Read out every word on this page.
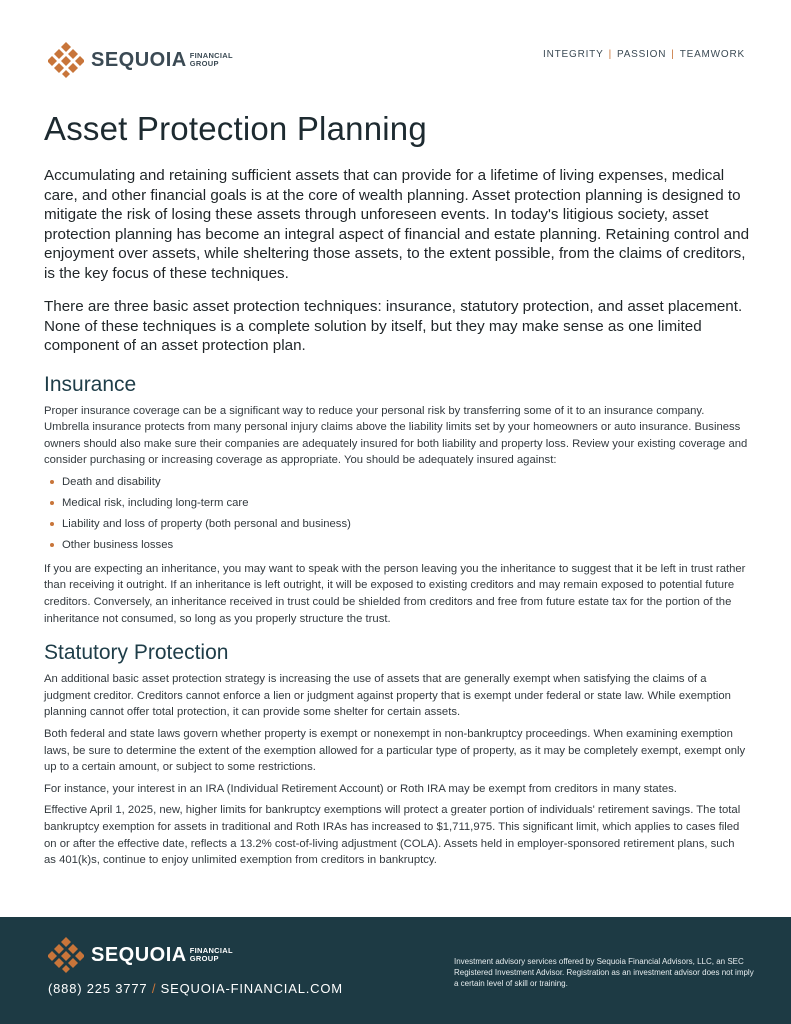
SEQUOIA FINANCIAL
GROUP
INTEGRITY | PASSION | TEAMWORK
Asset Protection Planning

Accumulating and retaining sufficient assets that can provide for a lifetime of living expenses, medical care, and other financial goals is at the core of wealth planning. Asset protection planning is designed to mitigate the risk of losing these assets through unforeseen events. In today's litigious society, asset protection planning has become an integral aspect of financial and estate planning. Retaining control and enjoyment over assets, while sheltering those assets, to the extent possible, from the claims of creditors, is the key focus of these techniques.

There are three basic asset protection techniques: insurance, statutory protection, and asset placement. None of these techniques is a complete solution by itself, but they may make sense as one limited component of an asset protection plan.

Insurance

Proper insurance coverage can be a significant way to reduce your personal risk by transferring some of it to an insurance company. Umbrella insurance protects from many personal injury claims above the liability limits set by your homeowners or auto insurance. Business owners should also make sure their companies are adequately insured for both liability and property loss. Review your existing coverage and consider purchasing or increasing coverage as appropriate. You should be adequately insured against:

Death and disability
Medical risk, including long-term care
Liability and loss of property (both personal and business)
Other business losses

If you are expecting an inheritance, you may want to speak with the person leaving you the inheritance to suggest that it be left in trust rather than receiving it outright. If an inheritance is left outright, it will be exposed to existing creditors and may remain exposed to potential future creditors. Conversely, an inheritance received in trust could be shielded from creditors and free from future estate tax for the portion of the inheritance not consumed, so long as you properly structure the trust.

Statutory Protection

An additional basic asset protection strategy is increasing the use of assets that are generally exempt when satisfying the claims of a judgment creditor. Creditors cannot enforce a lien or judgment against property that is exempt under federal or state law. While exemption planning cannot offer total protection, it can provide some shelter for certain assets.

Both federal and state laws govern whether property is exempt or nonexempt in non-bankruptcy proceedings. When examining exemption laws, be sure to determine the extent of the exemption allowed for a particular type of property, as it may be completely exempt, exempt only up to a certain amount, or subject to some restrictions.

For instance, your interest in an IRA (Individual Retirement Account) or Roth IRA may be exempt from creditors in many states.

Effective April 1, 2025, new, higher limits for bankruptcy exemptions will protect a greater portion of individuals' retirement savings. The total bankruptcy exemption for assets in traditional and Roth IRAs has increased to $1,711,975. This significant limit, which applies to cases filed on or after the effective date, reflects a 13.2% cost-of-living adjustment (COLA). Assets held in employer-sponsored retirement plans, such as 401(k)s, continue to enjoy unlimited exemption from creditors in bankruptcy.

SEQUOIA FINANCIAL
GROUP
(888) 225 3777 / SEQUOIA-FINANCIAL.COM
Investment advisory services offered by Sequoia Financial Advisors, LLC, an SEC Registered Investment Advisor. Registration as an investment advisor does not imply a certain level of skill or training.
